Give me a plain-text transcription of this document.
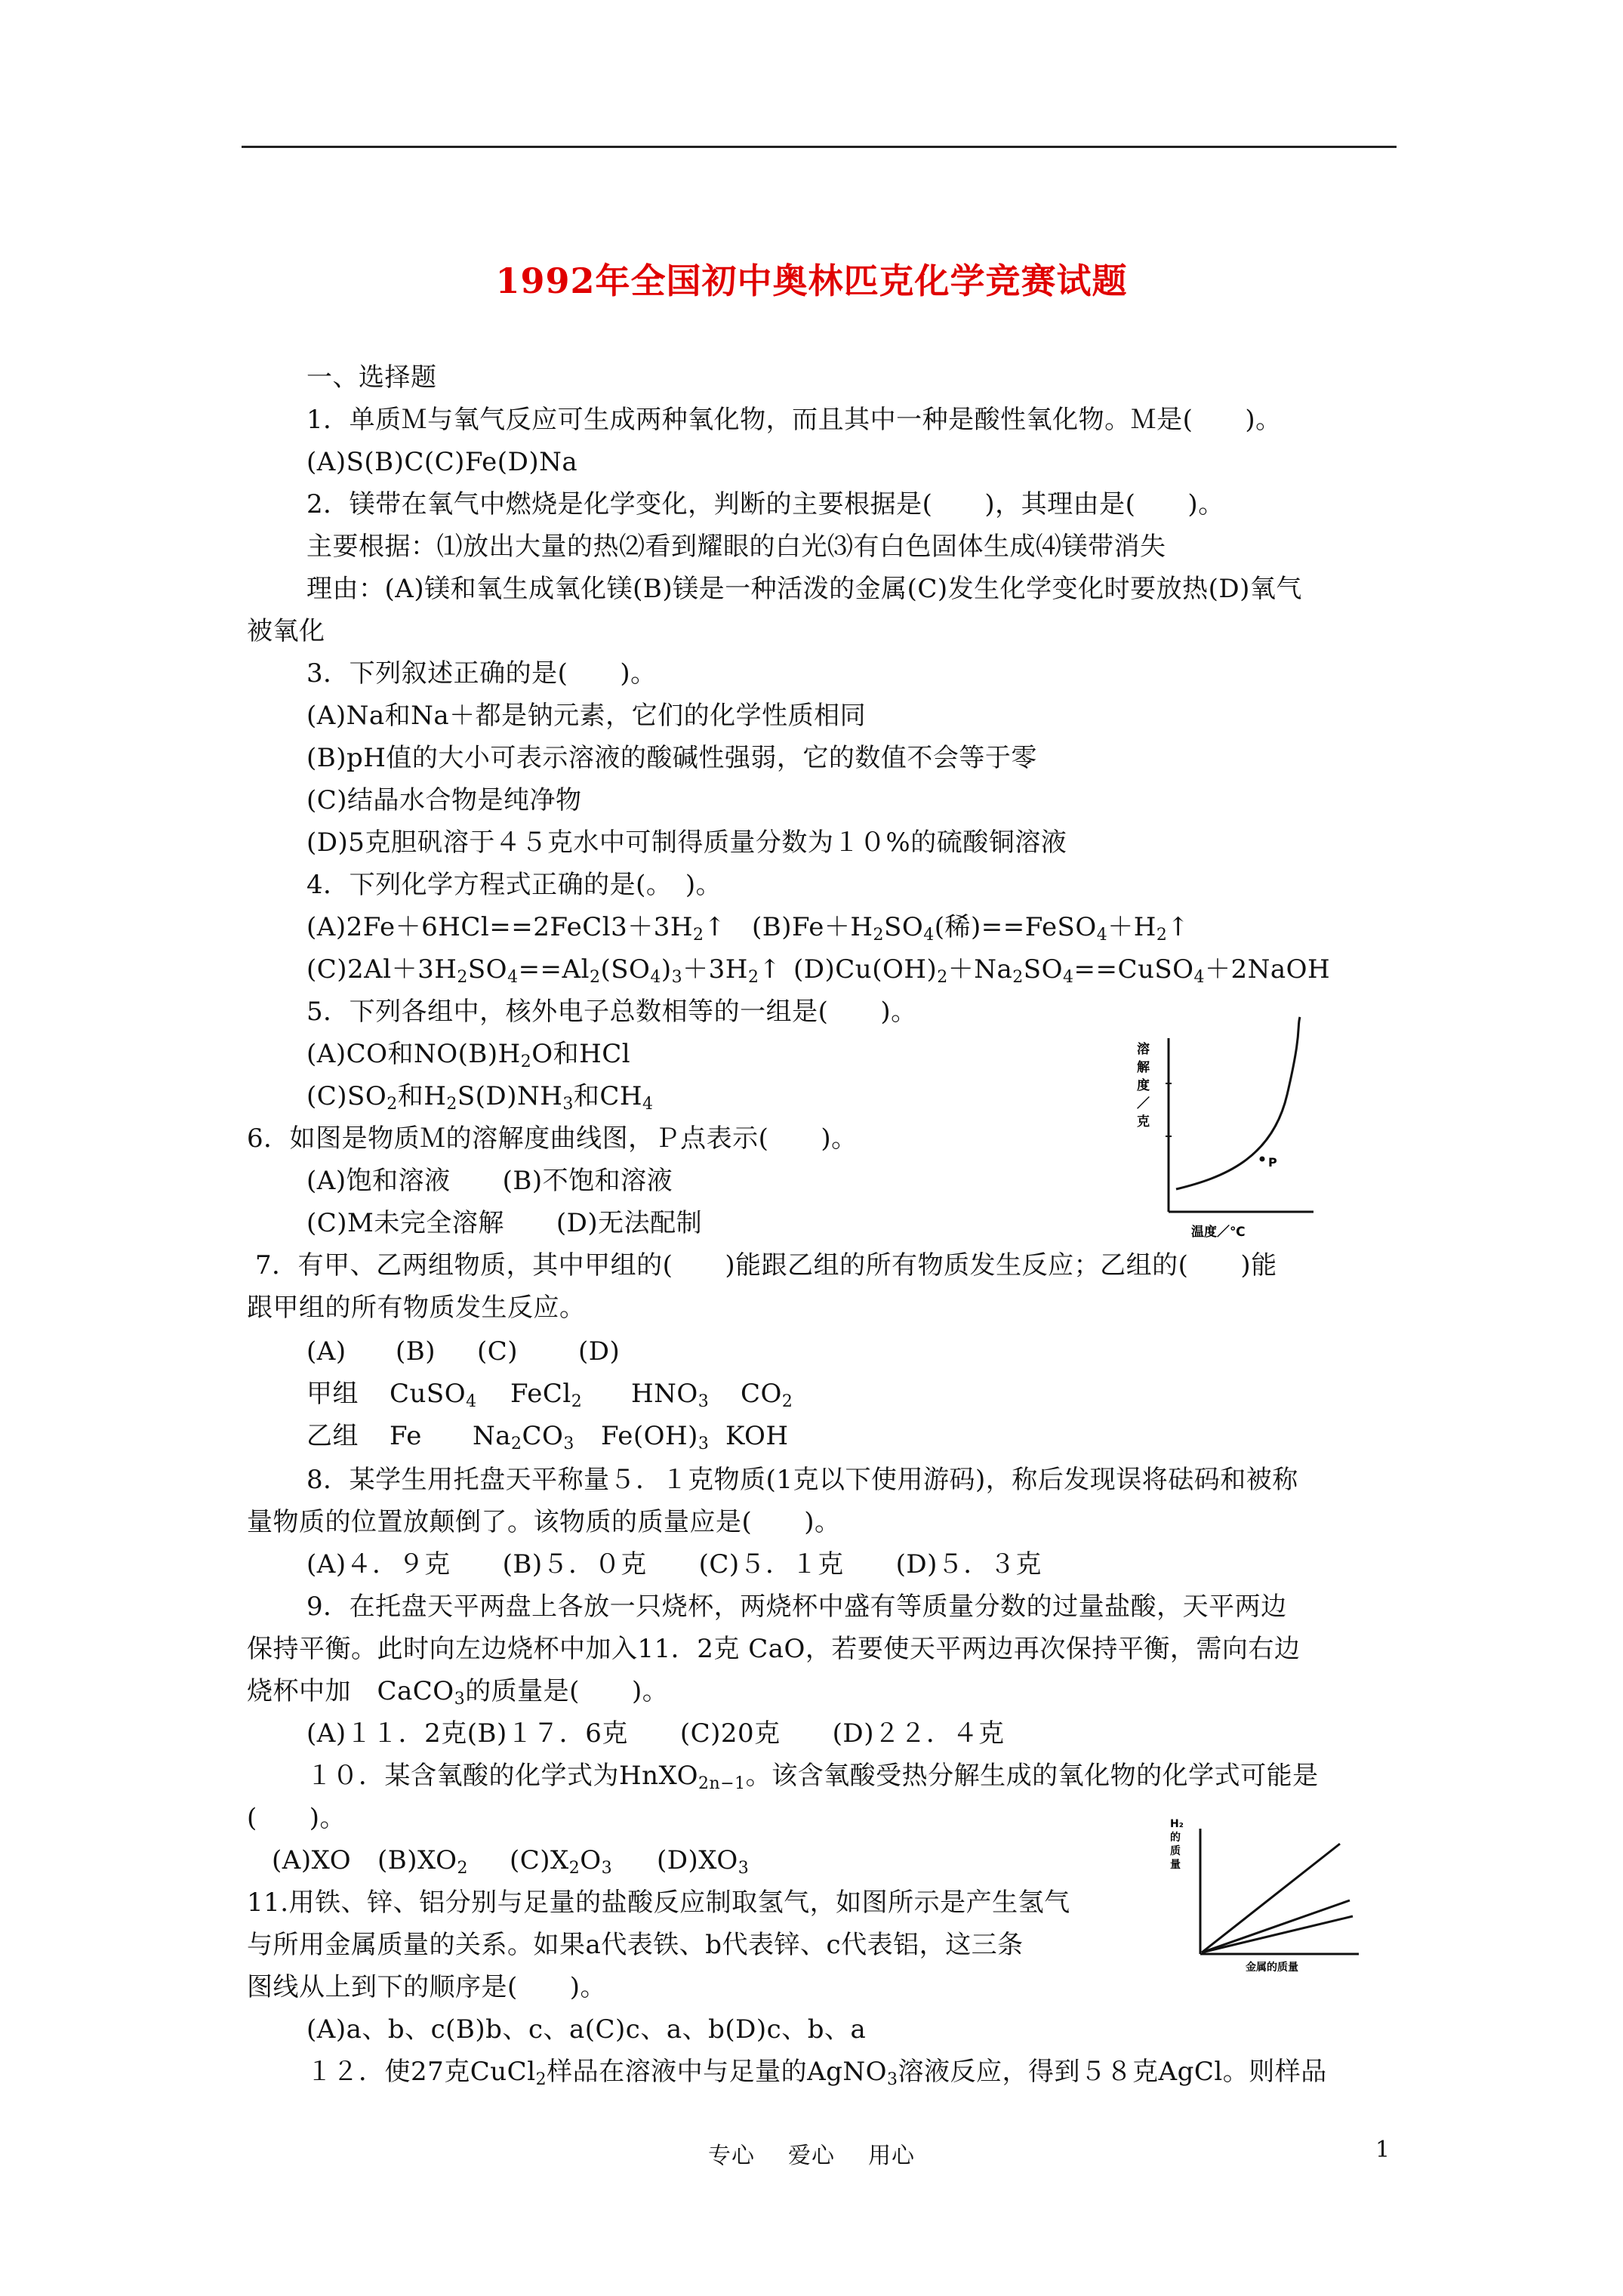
1992年全国初中奥林匹克化学竞赛试题
一、选择题
1．单质Ｍ与氧气反应可生成两种氧化物，而且其中一种是酸性氧化物。Ｍ是(　　)。
(A)S(B)C(C)Fe(D)Na
2．镁带在氧气中燃烧是化学变化，判断的主要根据是(　　)，其理由是(　　)。
主要根据：⑴放出大量的热⑵看到耀眼的白光⑶有白色固体生成⑷镁带消失
理由：(A)镁和氧生成氧化镁(B)镁是一种活泼的金属(C)发生化学变化时要放热(D)氧气
被氧化
3．下列叙述正确的是(　　)。
(A)Na和Na＋都是钠元素，它们的化学性质相同
(B)pH值的大小可表示溶液的酸碱性强弱，它的数值不会等于零
(C)结晶水合物是纯净物
(D)5克胆矾溶于４５克水中可制得质量分数为１０%的硫酸铜溶液
4．下列化学方程式正确的是(。　)。
$(A)2Fe+6HCl==2FeCl3+3H_2↑$ $(B)Fe+H_2SO_4$(稀)$==FeSO_4+H_2↑$
$(C)2Al+3H_2SO_4==Al_2(SO_4)_3+3H_2↑$ $(D)Cu(OH)_2+Na_2SO_4==CuSO_4+2NaOH$
5．下列各组中，核外电子总数相等的一组是(　　)。
(A)CO和$NO(B)H_2O$和HCl
$(C)SO_2$和$H_2S(D)NH_3$和$CH_4$
6．如图是物质Ｍ的溶解度曲线图，Ｐ点表示(　　)。
(A)饱和溶液　　(B)不饱和溶液
(C)M未完全溶解　　(D)无法配制
P
溶
解
度
／
克
温度／℃
7．有甲、乙两组物质，其中甲组的(　　)能跟乙组的所有物质发生反应；乙组的(　　)能
跟甲组的所有物质发生反应。
(A) (B) (C) (D)
甲组 CuSO$_4$ FeCl$_2$ $HNO_3$ $CO_2$
乙组 Fe $Na_2CO_3$ $Fe(OH)_3$ KOH
8．某学生用托盘天平称量５．１克物质(1克以下使用游码)，称后发现误将砝码和被称
量物质的位置放颠倒了。该物质的质量应是(　　)。
(A)４．９克　　(B)５．０克　　(C)５．１克　　(D)５．３克
9．在托盘天平两盘上各放一只烧杯，两烧杯中盛有等质量分数的过量盐酸，天平两边
保持平衡。此时向左边烧杯中加入11．2克 CaO，若要使天平两边再次保持平衡，需向右边
烧杯中加　CaCO$_3$的质量是(　　)。
(A)１１．2克(B)１７．6克　　(C)20克　　(D)２２．４克
１０．某含氧酸的化学式为HnXO$_{2n-1}$。该含氧酸受热分解生成的氧化物的化学式可能是
(　　)。
(A)XO $(B)XO_2$ $(C)X_2O_3$ $(D)XO_3$
H₂
的
质
量
金属的质量
11.用铁、锌、铝分别与足量的盐酸反应制取氢气，如图所示是产生氢气
与所用金属质量的关系。如果a代表铁、b代表锌、c代表铝，这三条
图线从上到下的顺序是(　　)。
(A)a、b、c(B)b、c、a(C)c、a、b(D)c、b、a
１２．使27克CuCl$_2$样品在溶液中与足量的AgNO$_3$溶液反应，得到５８克AgCl。则样品
专心 爱心 用心	1
